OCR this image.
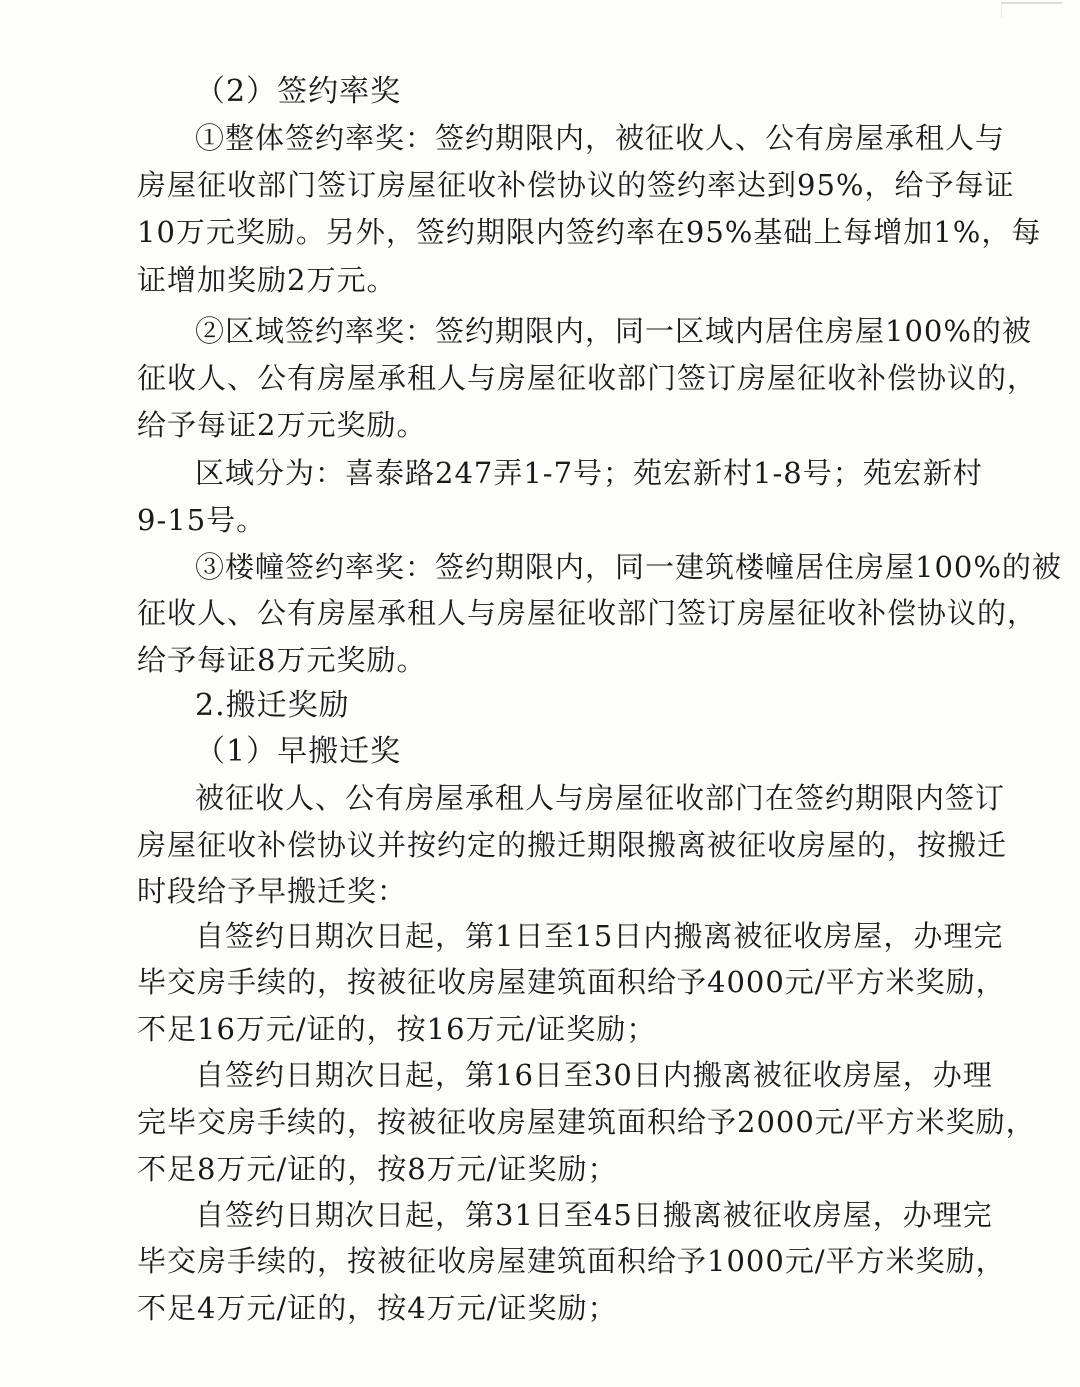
（2）签约率奖
①整体签约率奖：签约期限内，被征收人、公有房屋承租人与
房屋征收部门签订房屋征收补偿协议的签约率达到95%，给予每证
10万元奖励。另外，签约期限内签约率在95%基础上每增加1%，每
证增加奖励2万元。
②区域签约率奖：签约期限内，同一区域内居住房屋100%的被
征收人、公有房屋承租人与房屋征收部门签订房屋征收补偿协议的，
给予每证2万元奖励。
区域分为：喜泰路247弄1-7号；苑宏新村1-8号；苑宏新村
9-15号。
③楼幢签约率奖：签约期限内，同一建筑楼幢居住房屋100%的被
征收人、公有房屋承租人与房屋征收部门签订房屋征收补偿协议的，
给予每证8万元奖励。
2.搬迁奖励
（1）早搬迁奖
被征收人、公有房屋承租人与房屋征收部门在签约期限内签订
房屋征收补偿协议并按约定的搬迁期限搬离被征收房屋的，按搬迁
时段给予早搬迁奖：
自签约日期次日起，第1日至15日内搬离被征收房屋，办理完
毕交房手续的，按被征收房屋建筑面积给予4000元/平方米奖励，
不足16万元/证的，按16万元/证奖励；
自签约日期次日起，第16日至30日内搬离被征收房屋，办理
完毕交房手续的，按被征收房屋建筑面积给予2000元/平方米奖励，
不足8万元/证的，按8万元/证奖励；
自签约日期次日起，第31日至45日搬离被征收房屋，办理完
毕交房手续的，按被征收房屋建筑面积给予1000元/平方米奖励，
不足4万元/证的，按4万元/证奖励；
